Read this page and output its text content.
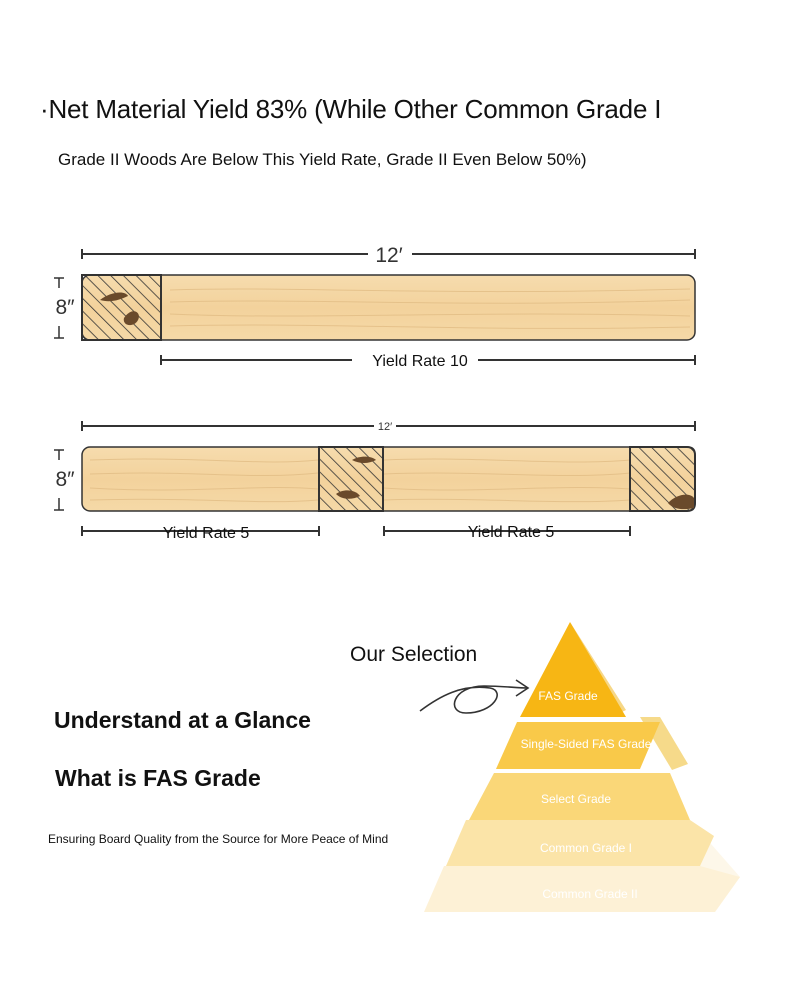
·Net Material Yield 83% (While Other Common Grade I
Grade II Woods Are Below This Yield Rate, Grade II Even Below 50%)
12′
8″
Yield Rate 10
12′
8″
Yield Rate 5	Yield Rate 5
FAS Grade
Single-Sided FAS Grade
Select Grade
Common Grade I
Common Grade II
Our Selection
Understand at a Glance
What is FAS Grade
Ensuring Board Quality from the Source for More Peace of Mind
